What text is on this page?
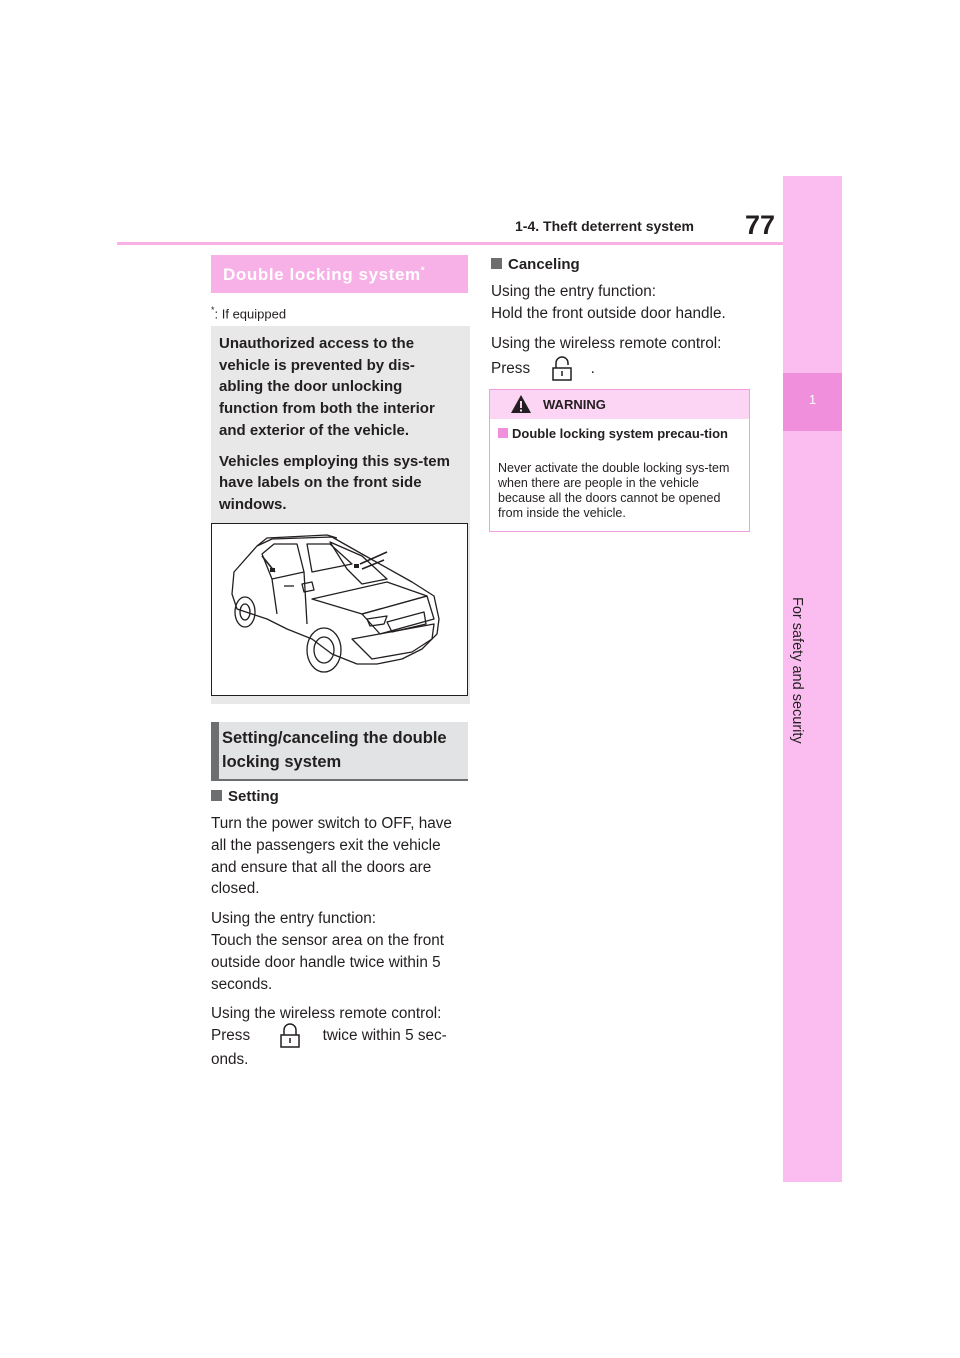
1-4. Theft deterrent system 77
1
For safety and security
Double locking system*
*: If equipped

Unauthorized access to the vehicle is prevented by dis-abling the door unlocking function from both the interior and exterior of the vehicle.

Vehicles employing this sys-tem have labels on the front side windows.

Setting/canceling the double locking system
Setting

Turn the power switch to OFF, have all the passengers exit the vehicle and ensure that all the doors are closed.

Using the entry function:
Touch the sensor area on the front outside door handle twice within 5 seconds.

Using the wireless remote control:

Press	twice within 5 sec-onds.
Canceling

Using the entry function:
Hold the front outside door handle.

Using the wireless remote control:

Press	.
WARNING
Double locking system precau-tion
Never activate the double locking sys-tem when there are people in the vehicle because all the doors cannot be opened from inside the vehicle.
